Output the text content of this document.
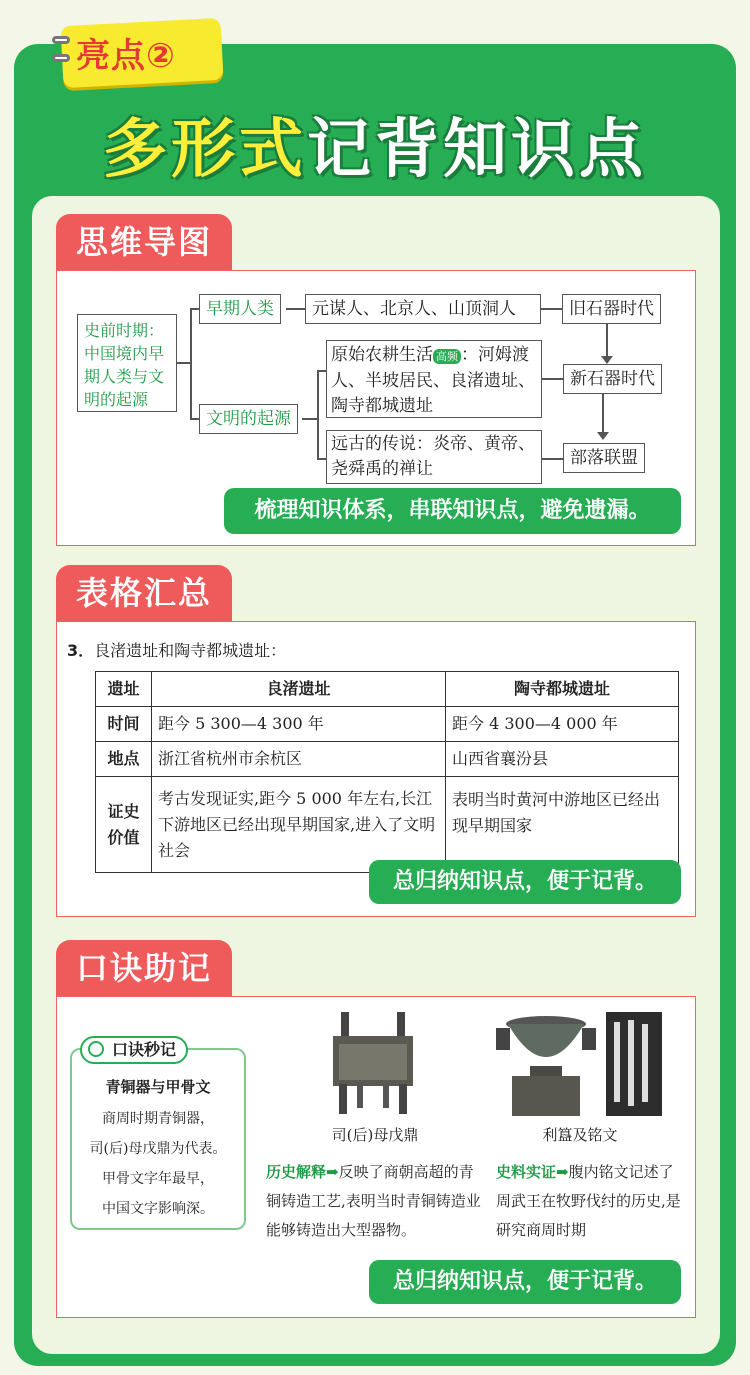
亮点②
多形式记背知识点
思维导图
史前时期：中国境内早期人类与文明的起源
早期人类	元谋人、北京人、山顶洞人	旧石器时代
文明的起源
原始农耕生活 高频 ：河姆渡人、半坡居民、良渚遗址、陶寺都城遗址
新石器时代
远古的传说：炎帝、黄帝、尧舜禹的禅让
部落联盟
梳理知识体系，串联知识点，避免遗漏。
表格汇总
3．良渚遗址和陶寺都城遗址：
遗址	良渚遗址	陶寺都城遗址
时间	距今 5 300—4 300 年	距今 4 300—4 000 年
地点	浙江省杭州市余杭区	山西省襄汾县
证史价值	考古发现证实,距今 5 000 年左右,长江下游地区已经出现早期国家,进入了文明社会	表明当时黄河中游地区已经出现早期国家
总归纳知识点，便于记背。
口诀助记
口诀秒记
青铜器与甲骨文
商周时期青铜器，
司(后)母戊鼎为代表。
甲骨文字年最早，
中国文字影响深。
司(后)母戊鼎	利簋及铭文
历史解释➡反映了商朝高超的青铜铸造工艺,表明当时青铜铸造业能够铸造出大型器物。
史料实证➡腹内铭文记述了周武王在牧野伐纣的历史,是研究商周时期
总归纳知识点，便于记背。
